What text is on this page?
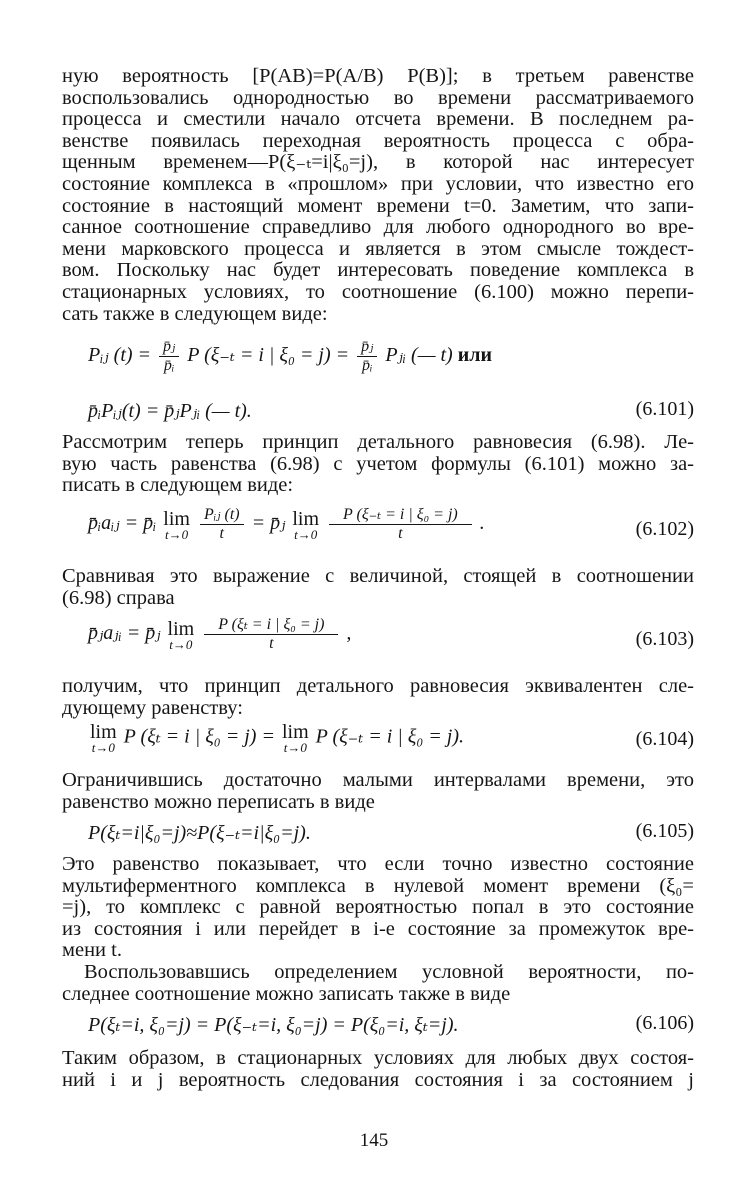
ную вероятность [P(AB)=P(A/B) P(B)]; в третьем равенстве
воспользовались однородностью во времени рассматриваемого
процесса и сместили начало отсчета времени. В последнем ра-
венстве появилась переходная вероятность процесса с обра-
щенным временем—P(ξ₋ₜ=i|ξ₀=j), в которой нас интересует
состояние комплекса в «прошлом» при условии, что известно его
состояние в настоящий момент времени t=0. Заметим, что запи-
санное соотношение справедливо для любого однородного во вре-
мени марковского процесса и является в этом смысле тождест-
вом. Поскольку нас будет интересовать поведение комплекса в
стационарных условиях, то соотношение (6.100) можно перепи-
сать также в следующем виде:
Pᵢⱼ $(t) = \frac{\text{p̄ⱼ}}{\text{p̄ᵢ}}$ P (ξ₋ₜ = i | $\xi_0 = j) = \frac{\text{p̄ⱼ}}{\text{p̄ᵢ}}$ Pⱼᵢ (— t) или
p̄ᵢPᵢⱼ(t) = p̄ⱼPⱼᵢ (— t).	(6.101)
Рассмотрим теперь принцип детального равновесия (6.98). Ле-
вую часть равенства (6.98) с учетом формулы (6.101) можно за-
писать в следующем виде:
p̄ᵢaᵢⱼ = p̄ᵢ lim
t→0
$\frac{\text{Pᵢⱼ (t)}}{t}$ = p̄ⱼ lim
t→0
$\frac{\text{P (ξ₋ₜ = i | ξ₀ = j)}}{t}$ .	(6.102)
Сравнивая это выражение с величиной, стоящей в соотношении
(6.98) справа
p̄ⱼaⱼᵢ = p̄ⱼ lim
t→0
$\frac{\text{P (ξₜ = i | ξ₀ = j)}}{t}$ ,	(6.103)
получим, что принцип детального равновесия эквивалентен сле-
дующему равенству:
lim
t→0 P (ξₜ = i | ξ₀ = j) = lim
t→0 P (ξ₋ₜ = i | ξ₀ = j).	(6.104)
Ограничившись достаточно малыми интервалами времени, это
равенство можно переписать в виде
P(ξₜ=i|ξ₀=j)≈P(ξ₋ₜ=i|ξ₀=j).	(6.105)
Это равенство показывает, что если точно известно состояние
мультиферментного комплекса в нулевой момент времени (ξ₀=
=j), то комплекс с равной вероятностью попал в это состояние
из состояния i или перейдет в i-е состояние за промежуток вре-
мени t.
Воспользовавшись определением условной вероятности, по-
следнее соотношение можно записать также в виде
P(ξₜ=i, ξ₀=j) = P(ξ₋ₜ=i, ξ₀=j) = P(ξ₀=i, ξₜ=j).	(6.106)
Таким образом, в стационарных условиях для любых двух состоя-
ний i и j вероятность следования состояния i за состоянием j
145
